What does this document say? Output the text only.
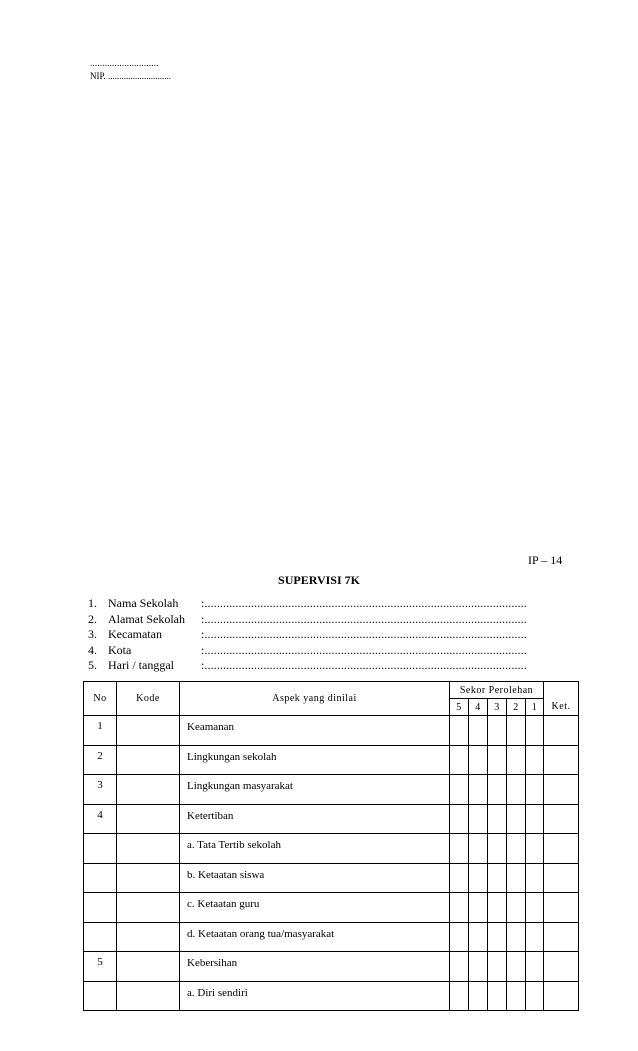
............................
NIP. ............................
IP – 14
SUPERVISI 7K
1. Nama Sekolah :........................................................................................................
2. Alamat Sekolah :........................................................................................................
3. Kecamatan	:........................................................................................................
4. Kota	:........................................................................................................
5. Hari / tanggal :........................................................................................................
No	Kode	Aspek yang dinilai	Sekor Perolehan					Ket.
			5	4	3	2	1	
1		Keamanan						
2		Lingkungan sekolah						
3		Lingkungan masyarakat						
4		Ketertiban						
		a. Tata Tertib sekolah						
		b. Ketaatan siswa						
		c. Ketaatan guru						
		d. Ketaatan orang tua/masyarakat						
5		Kebersihan						
		a. Diri sendiri						
